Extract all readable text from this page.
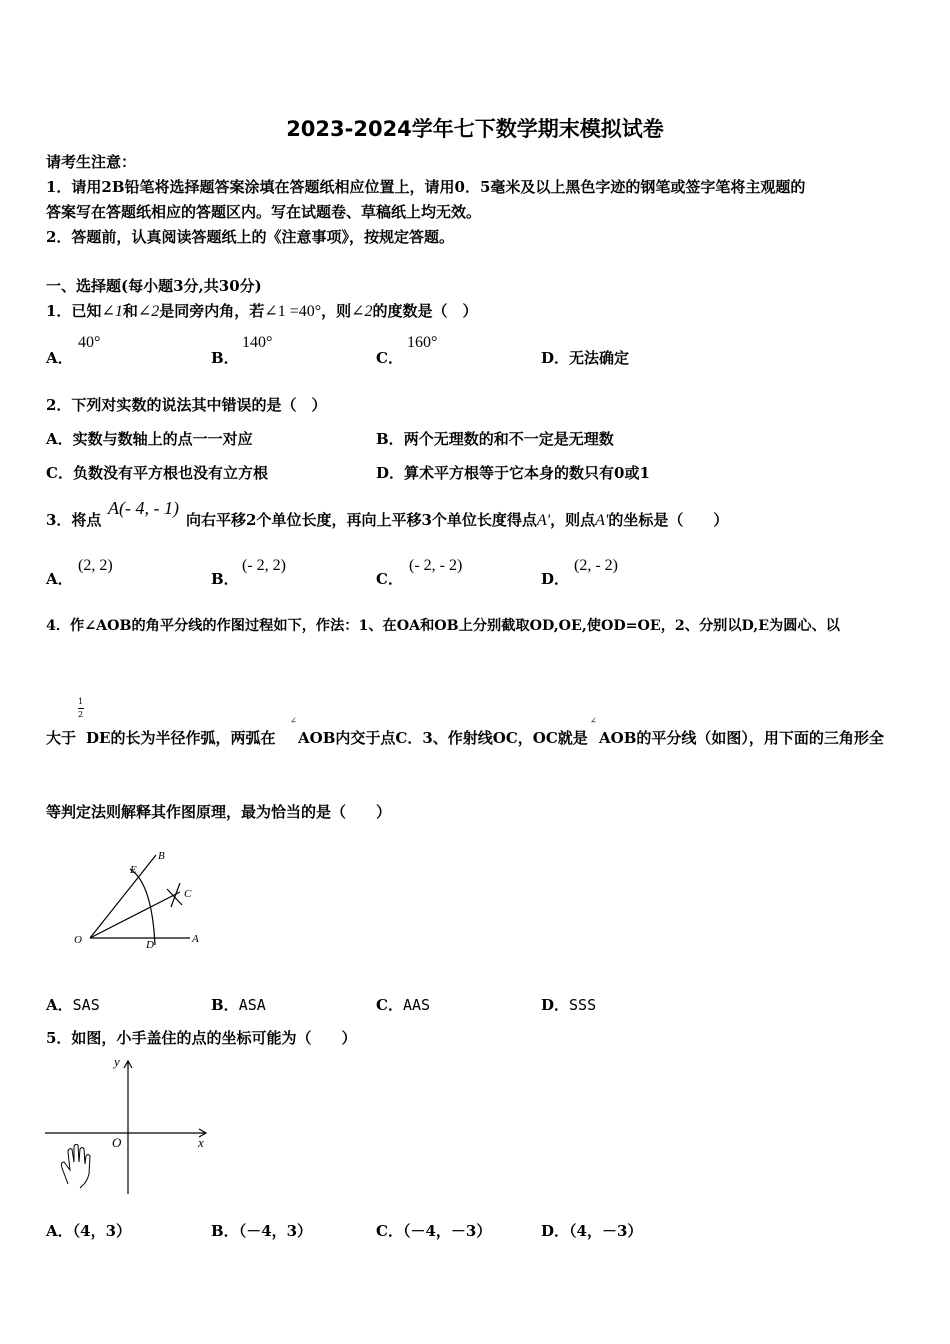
2023-2024学年七下数学期末模拟试卷
请考生注意：
1．请用2B铅笔将选择题答案涂填在答题纸相应位置上，请用0．5毫米及以上黑色字迹的钢笔或签字笔将主观题的
答案写在答题纸相应的答题区内。写在试题卷、草稿纸上均无效。
2．答题前，认真阅读答题纸上的《注意事项》，按规定答题。
一、选择题(每小题3分,共30分)
1．已知∠1和∠2是同旁内角，若∠1 =40°，则∠2的度数是（　）
A．
40°
B．
140°
C．
160°
D．无法确定
2．下列对实数的说法其中错误的是（　）
A．实数与数轴上的点一一对应	B．两个无理数的和不一定是无理数
C．负数没有平方根也没有立方根	D．算术平方根等于它本身的数只有0或1
3．将点
A(- 4, - 1)
向右平移2个单位长度，再向上平移3个单位长度得点A'，则点A'的坐标是（　　）
A．
(2, 2)
B．
(- 2, 2)
C．
(- 2, - 2)
D．
(2, - 2)
4．作∠AOB的角平分线的作图过程如下，作法：1、在OA和OB上分别截取OD,OE,使OD=OE，2、分别以D,E为圆心、以
1
2
大于 DE的长为半径作弧，两弧在
∠
AOB内交于点C．3、作射线OC，OC就是
∠
AOB的平分线（如图），用下面的三角形全
等判定法则解释其作图原理，最为恰当的是（　　）
O	D	A
E
B
C
A．SAS	B．ASA	C．AAS	D．SSS
5．如图，小手盖住的点的坐标可能为（　　）
y
O	x
A．（4，3）	B．（－4，3）	C．（－4，－3）	D．（4，－3）
